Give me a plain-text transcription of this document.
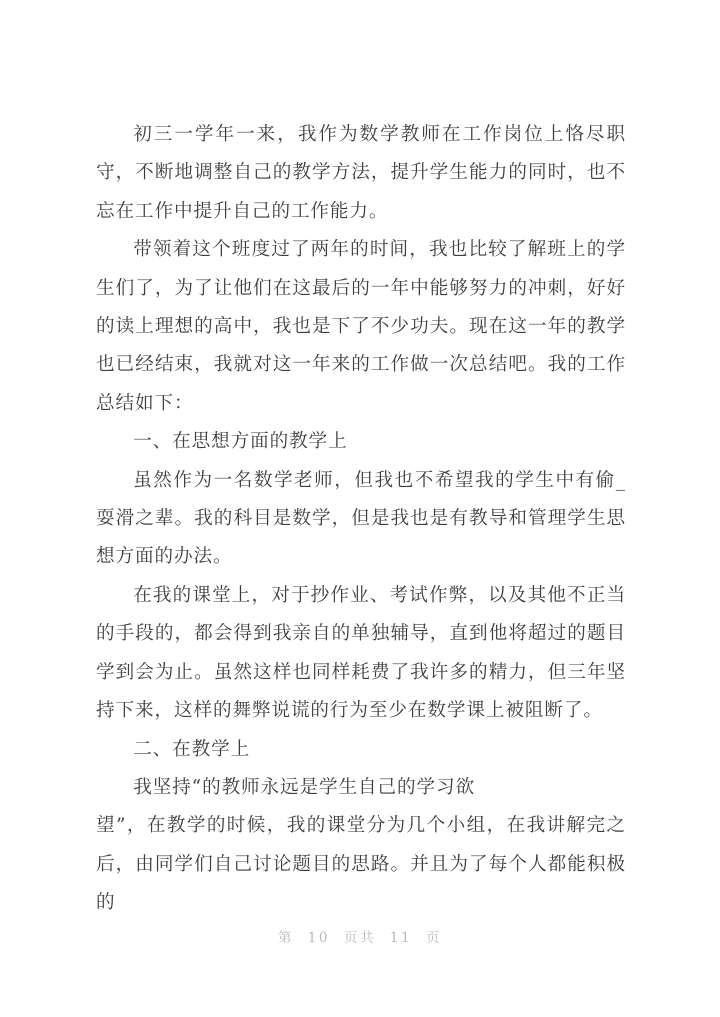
初三一学年一来，我作为数学教师在工作岗位上恪尽职守，不断地调整自己的教学方法，提升学生能力的同时，也不忘在工作中提升自己的工作能力。

带领着这个班度过了两年的时间，我也比较了解班上的学生们了，为了让他们在这最后的一年中能够努力的冲刺，好好的读上理想的高中，我也是下了不少功夫。现在这一年的教学也已经结束，我就对这一年来的工作做一次总结吧。我的工作总结如下：

一、在思想方面的教学上

虽然作为一名数学老师，但我也不希望我的学生中有偷_耍滑之辈。我的科目是数学，但是我也是有教导和管理学生思想方面的办法。

在我的课堂上，对于抄作业、考试作弊，以及其他不正当的手段的，都会得到我亲自的单独辅导，直到他将超过的题目学到会为止。虽然这样也同样耗费了我许多的精力，但三年坚持下来，这样的舞弊说谎的行为至少在数学课上被阻断了。

二、在教学上

我坚持“的教师永远是学生自己的学习欲

望”，在教学的时候，我的课堂分为几个小组，在我讲解完之后，由同学们自己讨论题目的思路。并且为了每个人都能积极的

第  10  页共  11  页
